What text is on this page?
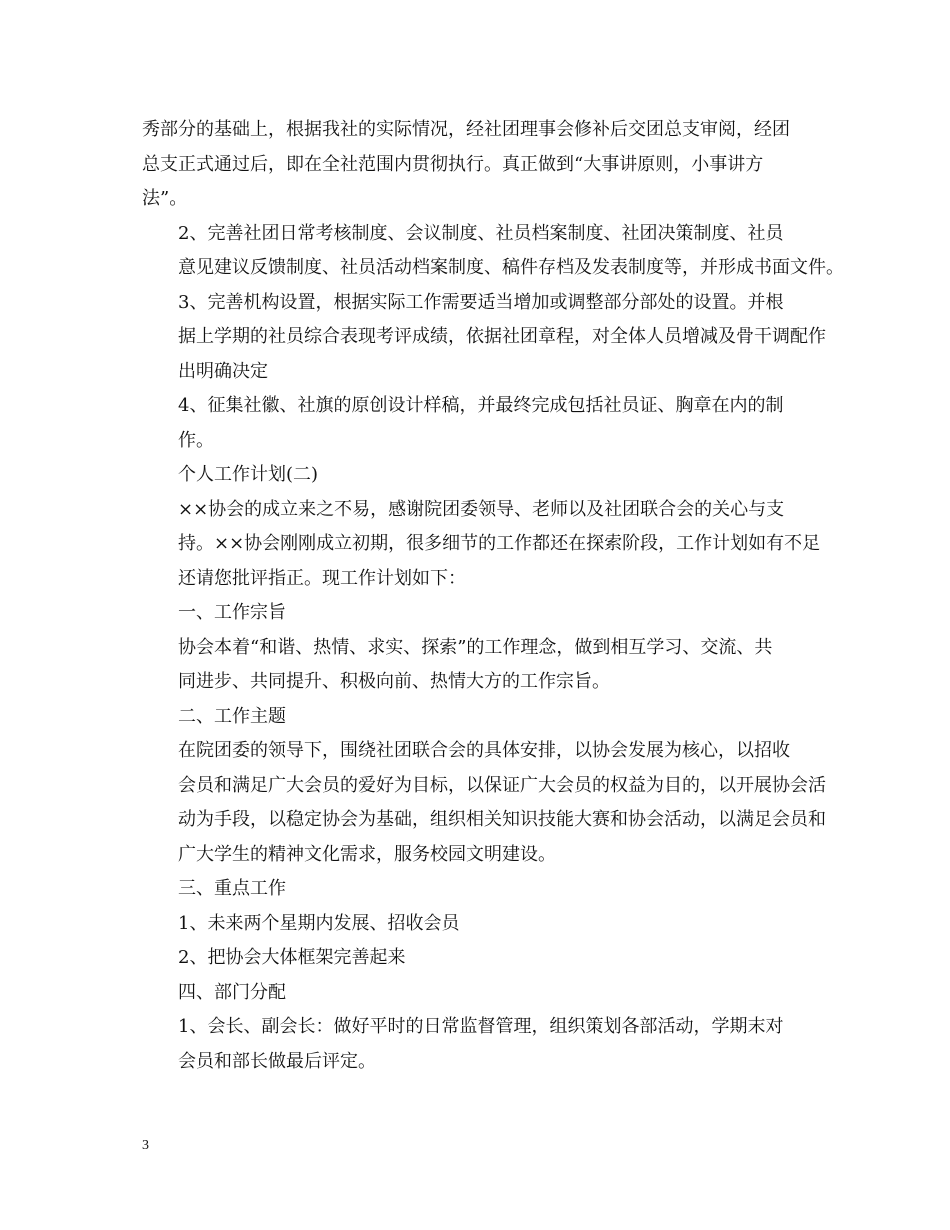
秀部分的基础上，根据我社的实际情况，经社团理事会修补后交团总支审阅，经团
总支正式通过后，即在全社范围内贯彻执行。真正做到“大事讲原则，小事讲方
法”。

2、完善社团日常考核制度、会议制度、社员档案制度、社团决策制度、社员
意见建议反馈制度、社员活动档案制度、稿件存档及发表制度等，并形成书面文件。

3、完善机构设置，根据实际工作需要适当增加或调整部分部处的设置。并根
据上学期的社员综合表现考评成绩，依据社团章程，对全体人员增减及骨干调配作
出明确决定

4、征集社徽、社旗的原创设计样稿，并最终完成包括社员证、胸章在内的制
作。

个人工作计划(二)

××协会的成立来之不易，感谢院团委领导、老师以及社团联合会的关心与支
持。××协会刚刚成立初期，很多细节的工作都还在探索阶段，工作计划如有不足
还请您批评指正。现工作计划如下：

一、工作宗旨

协会本着“和谐、热情、求实、探索”的工作理念，做到相互学习、交流、共
同进步、共同提升、积极向前、热情大方的工作宗旨。

二、工作主题

在院团委的领导下，围绕社团联合会的具体安排，以协会发展为核心，以招收
会员和满足广大会员的爱好为目标，以保证广大会员的权益为目的，以开展协会活
动为手段，以稳定协会为基础，组织相关知识技能大赛和协会活动，以满足会员和
广大学生的精神文化需求，服务校园文明建设。

三、重点工作

1、未来两个星期内发展、招收会员

2、把协会大体框架完善起来

四、部门分配

1、会长、副会长：做好平时的日常监督管理，组织策划各部活动，学期末对
会员和部长做最后评定。

3
